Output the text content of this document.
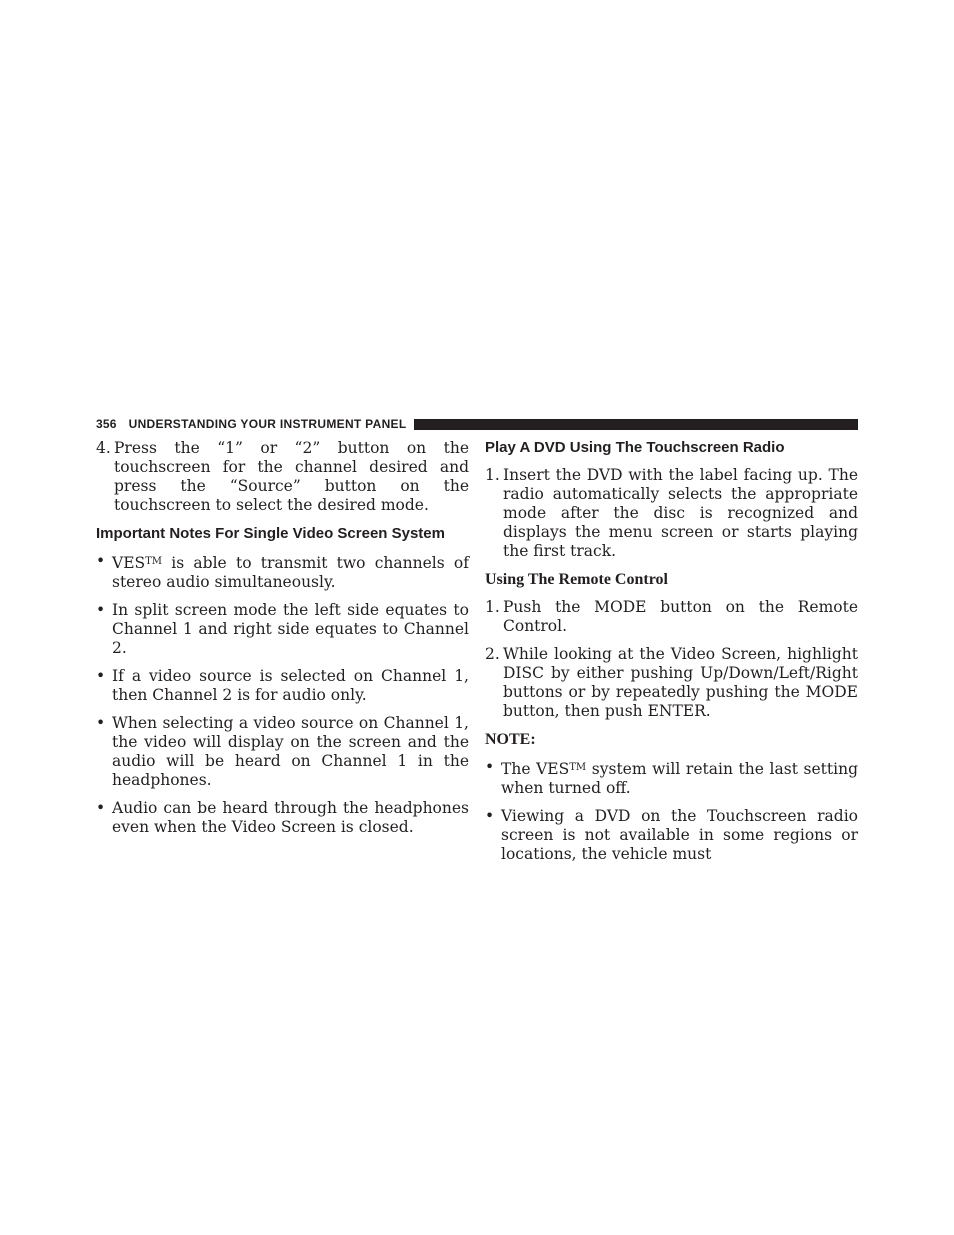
356 UNDERSTANDING YOUR INSTRUMENT PANEL
4. Press the “1” or “2” button on the touchscreen for the channel desired and press the “Source” button on the touchscreen to select the desired mode.
Important Notes For Single Video Screen System
• VES™ is able to transmit two channels of stereo audio simultaneously.
• In split screen mode the left side equates to Channel 1 and right side equates to Channel 2.
• If a video source is selected on Channel 1, then Channel 2 is for audio only.
• When selecting a video source on Channel 1, the video will display on the screen and the audio will be heard on Channel 1 in the headphones.
• Audio can be heard through the headphones even when the Video Screen is closed.
Play A DVD Using The Touchscreen Radio
1. Insert the DVD with the label facing up. The radio automatically selects the appropriate mode after the disc is recognized and displays the menu screen or starts playing the first track.
Using The Remote Control
1. Push the MODE button on the Remote Control.
2. While looking at the Video Screen, highlight DISC by either pushing Up/Down/Left/Right buttons or by repeatedly pushing the MODE button, then push ENTER.
NOTE:
• The VES™ system will retain the last setting when turned off.
• Viewing a DVD on the Touchscreen radio screen is not available in some regions or locations, the vehicle must
